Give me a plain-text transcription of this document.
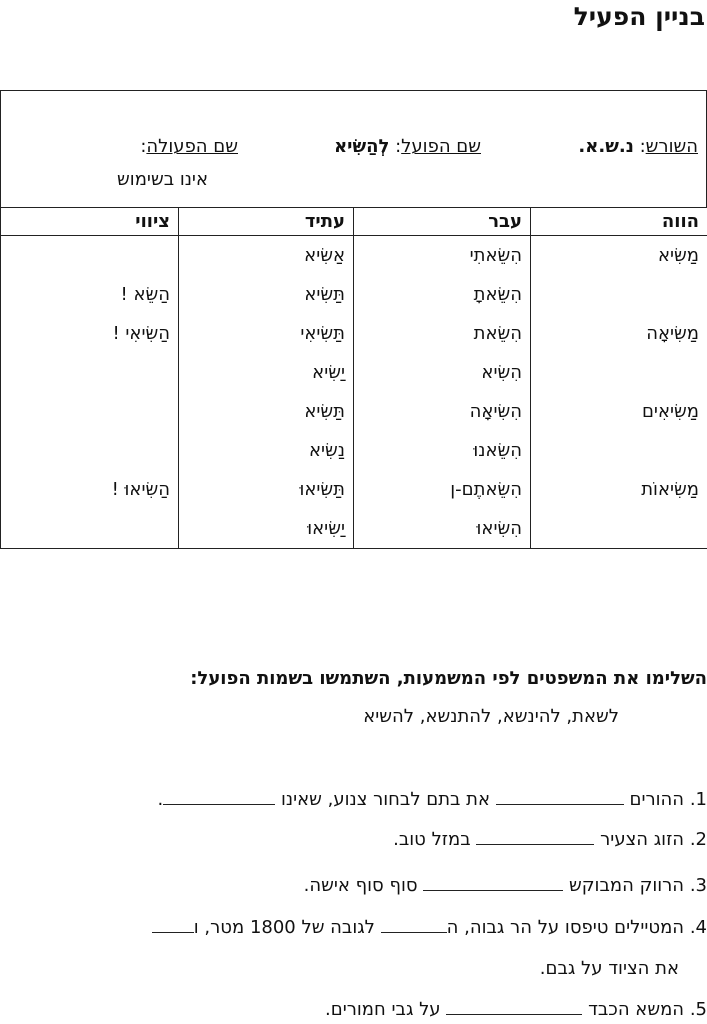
בניין הפעיל
השורש: נ.ש.א.
שם הפועל: לְהַשִּׂיא
שם הפעולה:
אינו בשימוש
הווה	עבר	עתיד	ציווי
מַשִּׂיא	הִשֵּׂאתִי	אַשִּׂיא	
	הִשֵּׂאתָ	תַּשִּׂיא	הַשֵּׂא !
מַשִּׂיאָה	הִשֵּׂאת	תַּשִּׂיאִי	הַשִּׂיאִי !
	הִשִּׂיא	יַשִּׂיא	
מַשִּׂיאִים	הִשִּׂיאָה	תַּשִּׂיא	
	הִשֵּׂאנוּ	נַשִּׂיא	
מַשִּׂיאוֹת	הִשֵּׂאתֶם-ן	תַּשִּׂיאוּ	הַשִּׂיאוּ !
	הִשִּׂיאוּ	יַשִּׂיאוּ	
השלימו את המשפטים לפי המשמעות, השתמשו בשמות הפועל:
לשאת, להינשא, להתנשא, להשיא
1. ההורים  את בתם לבחור צנוע, שאינו .
2. הזוג הצעיר  במזל טוב.
3. הרווק המבוקש  סוף סוף אישה.
4. המטיילים טיפסו על הר גבוה, ה לגובה של 1800 מטר, ו
את הציוד על גבם.
5. המשא הכבד  על גבי חמורים.
